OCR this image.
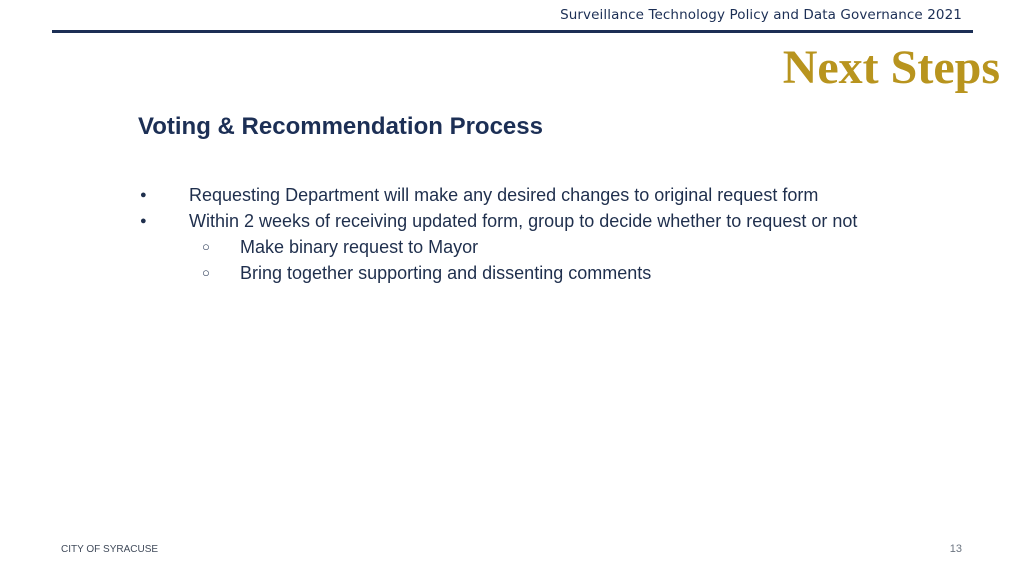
Surveillance Technology Policy and Data Governance 2021
Next Steps
Voting & Recommendation Process
● Requesting Department will make any desired changes to original request form
● Within 2 weeks of receiving updated form, group to decide whether to request or not
○ Make binary request to Mayor
○ Bring together supporting and dissenting comments
CITY OF SYRACUSE	13
